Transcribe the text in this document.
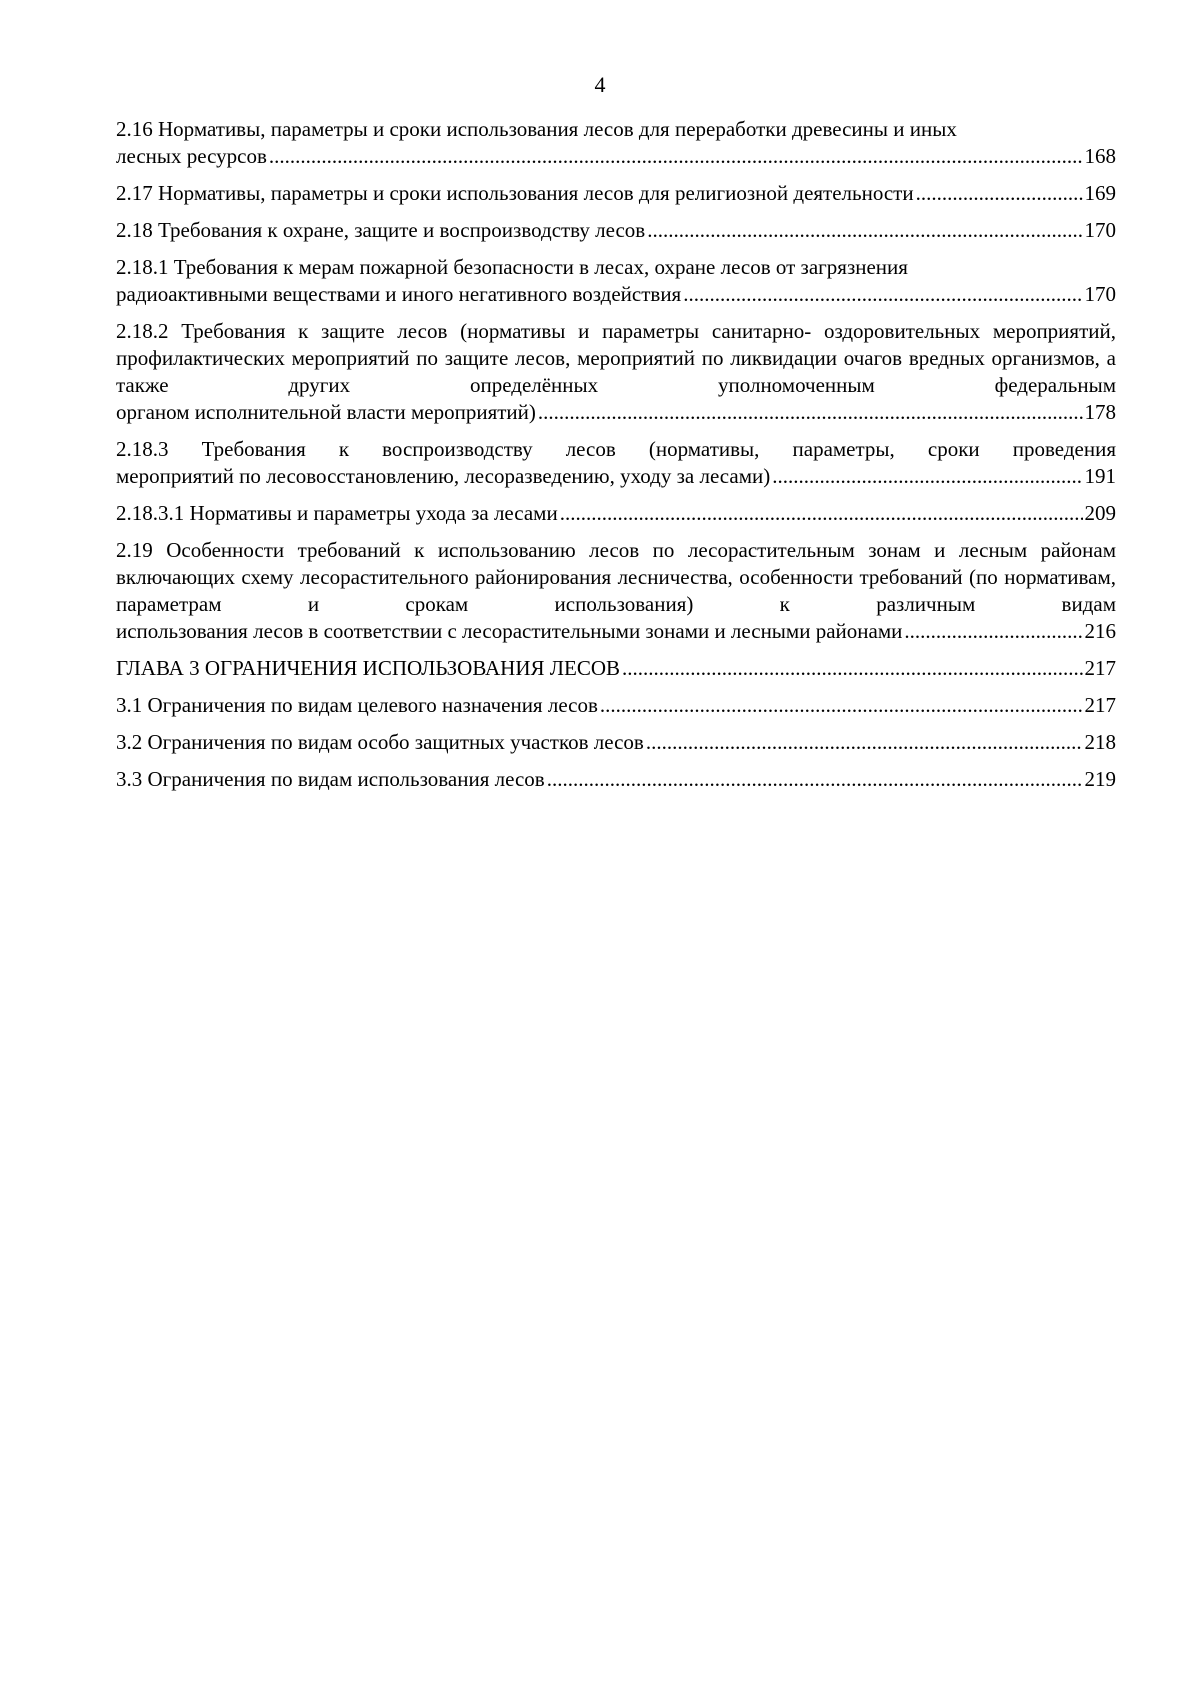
4
2.16 Нормативы, параметры и сроки использования лесов для переработки древесины и иных
лесных ресурсов .....	168
2.17 Нормативы, параметры и сроки использования лесов для религиозной деятельности .....	169
2.18 Требования к охране, защите и воспроизводству лесов .....	170
2.18.1 Требования к мерам пожарной безопасности в лесах, охране лесов от загрязнения
радиоактивными веществами и иного негативного воздействия .....	170
2.18.2 Требования к защите лесов (нормативы и параметры санитарно- оздоровительных мероприятий, профилактических мероприятий по защите лесов, мероприятий по ликвидации очагов вредных организмов, а также других определённых уполномоченным федеральным
органом исполнительной власти мероприятий) .....	178
2.18.3 Требования к воспроизводству лесов (нормативы, параметры, сроки проведения
мероприятий по лесовосстановлению, лесоразведению, уходу за лесами) .....	191
2.18.3.1 Нормативы и параметры ухода за лесами .....	209
2.19 Особенности требований к использованию лесов по лесорастительным зонам и лесным районам включающих схему лесорастительного районирования лесничества, особенности требований (по нормативам, параметрам и срокам использования) к различным видам
использования лесов в соответствии с лесорастительными зонами и лесными районами .....	216
ГЛАВА 3 ОГРАНИЧЕНИЯ ИСПОЛЬЗОВАНИЯ ЛЕСОВ .....	217
3.1 Ограничения по видам целевого назначения лесов .....	217
3.2 Ограничения по видам особо защитных участков лесов .....	218
3.3 Ограничения по видам использования лесов .....	219
